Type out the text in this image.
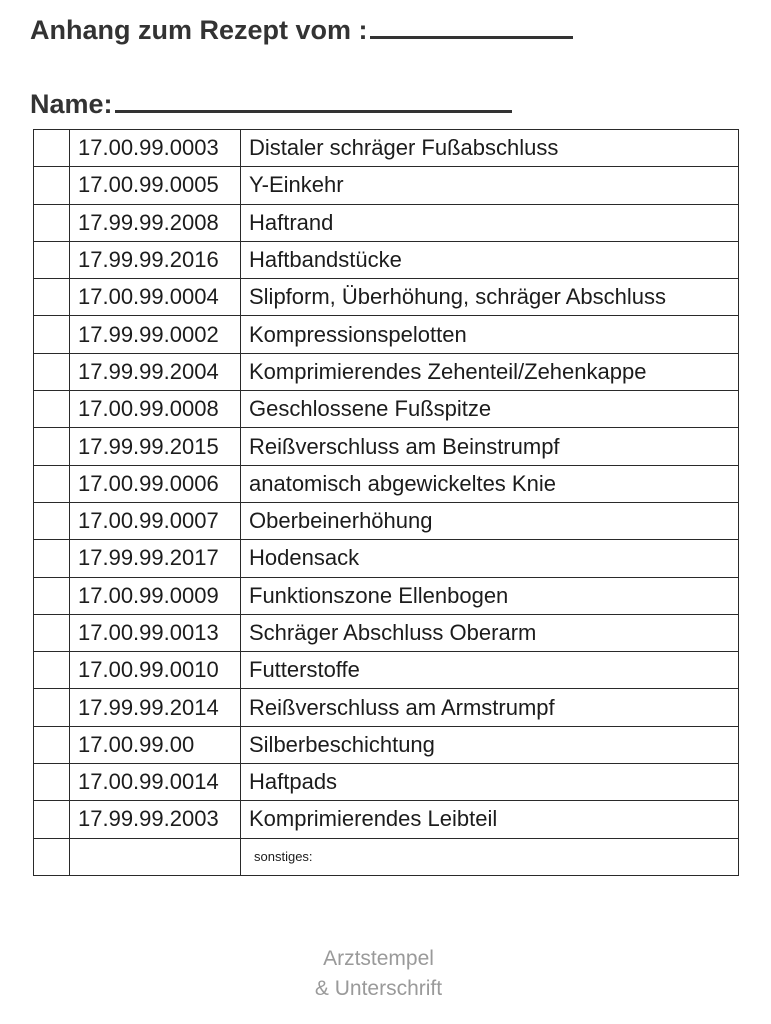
Anhang zum Rezept vom :
Name:
	17.00.99.0003	Distaler schräger Fußabschluss
	17.00.99.0005	Y-Einkehr
	17.99.99.2008	Haftrand
	17.99.99.2016	Haftbandstücke
	17.00.99.0004	Slipform, Überhöhung, schräger Abschluss
	17.99.99.0002	Kompressionspelotten
	17.99.99.2004	Komprimierendes Zehenteil/Zehenkappe
	17.00.99.0008	Geschlossene Fußspitze
	17.99.99.2015	Reißverschluss am Beinstrumpf
	17.00.99.0006	anatomisch abgewickeltes Knie
	17.00.99.0007	Oberbeinerhöhung
	17.99.99.2017	Hodensack
	17.00.99.0009	Funktionszone Ellenbogen
	17.00.99.0013	Schräger Abschluss Oberarm
	17.00.99.0010	Futterstoffe
	17.99.99.2014	Reißverschluss am Armstrumpf
	17.00.99.00	Silberbeschichtung
	17.00.99.0014	Haftpads
	17.99.99.2003	Komprimierendes Leibteil
		sonstiges:
Arztstempel
& Unterschrift
